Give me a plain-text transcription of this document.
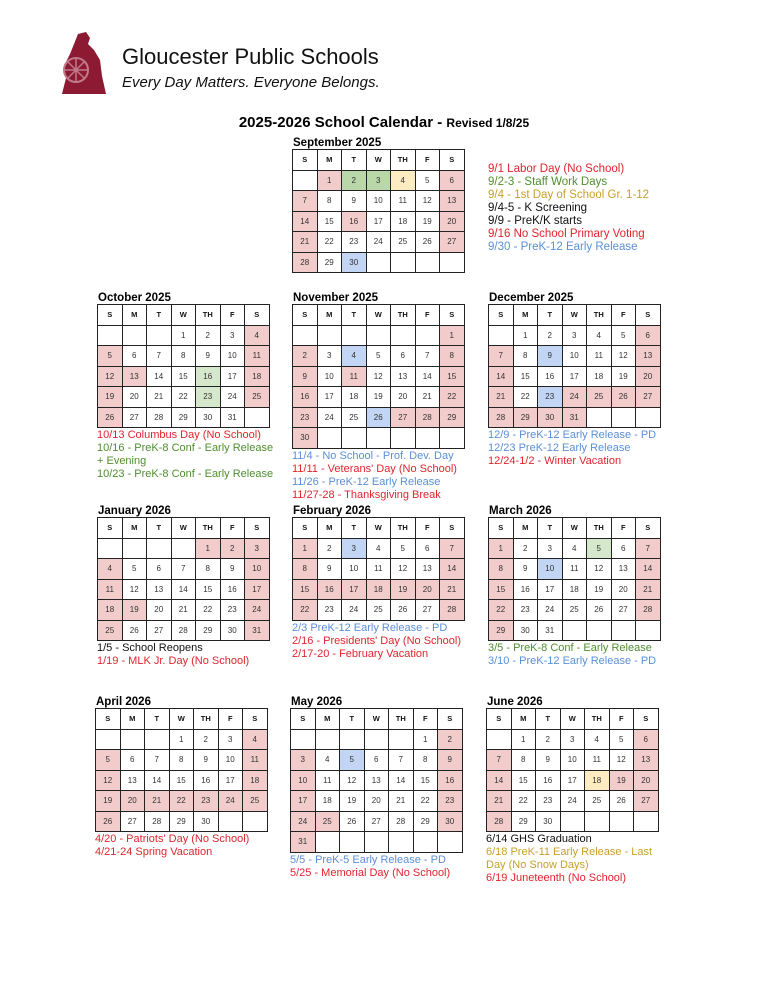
Gloucester Public Schools
Every Day Matters. Everyone Belongs.
2025-2026 School Calendar - Revised 1/8/25
9/1 Labor Day (No School)
9/2-3 - Staff Work Days
9/4 - 1st Day of School Gr. 1-12
9/4-5 - K Screening
9/9 - PreK/K starts
9/16 No School Primary Voting
9/30 - PreK-12 Early Release
September 2025
S	M	T	W	TH	F	S
	1	2	3	4	5	6
7	8	9	10	11	12	13
14	15	16	17	18	19	20
21	22	23	24	25	26	27
28	29	30				
October 2025
S	M	T	W	TH	F	S
			1	2	3	4
5	6	7	8	9	10	11
12	13	14	15	16	17	18
19	20	21	22	23	24	25
26	27	28	29	30	31	
10/13 Columbus Day (No School)
10/16 - PreK-8 Conf - Early Release
+ Evening
10/23 - PreK-8 Conf - Early Release
November 2025
S	M	T	W	TH	F	S
						1
2	3	4	5	6	7	8
9	10	11	12	13	14	15
16	17	18	19	20	21	22
23	24	25	26	27	28	29
30						
11/4 - No School - Prof. Dev. Day
11/11 - Veterans' Day (No School)
11/26 - PreK-12 Early Release
11/27-28 - Thanksgiving Break
December 2025
S	M	T	W	TH	F	S
	1	2	3	4	5	6
7	8	9	10	11	12	13
14	15	16	17	18	19	20
21	22	23	24	25	26	27
28	29	30	31			
12/9 - PreK-12 Early Release - PD
12/23 PreK-12 Early Release
12/24-1/2 - Winter Vacation
January 2026
S	M	T	W	TH	F	S
				1	2	3
4	5	6	7	8	9	10
11	12	13	14	15	16	17
18	19	20	21	22	23	24
25	26	27	28	29	30	31
1/5 - School Reopens
1/19 - MLK Jr. Day (No School)
February 2026
S	M	T	W	TH	F	S
1	2	3	4	5	6	7
8	9	10	11	12	13	14
15	16	17	18	19	20	21
22	23	24	25	26	27	28
2/3 PreK-12 Early Release - PD
2/16 - Presidents' Day (No School)
2/17-20 - February Vacation
March 2026
S	M	T	W	TH	F	S
1	2	3	4	5	6	7
8	9	10	11	12	13	14
15	16	17	18	19	20	21
22	23	24	25	26	27	28
29	30	31				
3/5 - PreK-8 Conf - Early Release
3/10 - PreK-12 Early Release - PD
April 2026
S	M	T	W	TH	F	S
			1	2	3	4
5	6	7	8	9	10	11
12	13	14	15	16	17	18
19	20	21	22	23	24	25
26	27	28	29	30		
4/20 - Patriots' Day (No School)
4/21-24 Spring Vacation
May 2026
S	M	T	W	TH	F	S
					1	2
3	4	5	6	7	8	9
10	11	12	13	14	15	16
17	18	19	20	21	22	23
24	25	26	27	28	29	30
31						
5/5 - PreK-5 Early Release - PD
5/25 - Memorial Day (No School)
June 2026
S	M	T	W	TH	F	S
	1	2	3	4	5	6
7	8	9	10	11	12	13
14	15	16	17	18	19	20
21	22	23	24	25	26	27
28	29	30				
6/14 GHS Graduation
6/18 PreK-11 Early Release - Last Day (No Snow Days)
6/19 Juneteenth (No School)
